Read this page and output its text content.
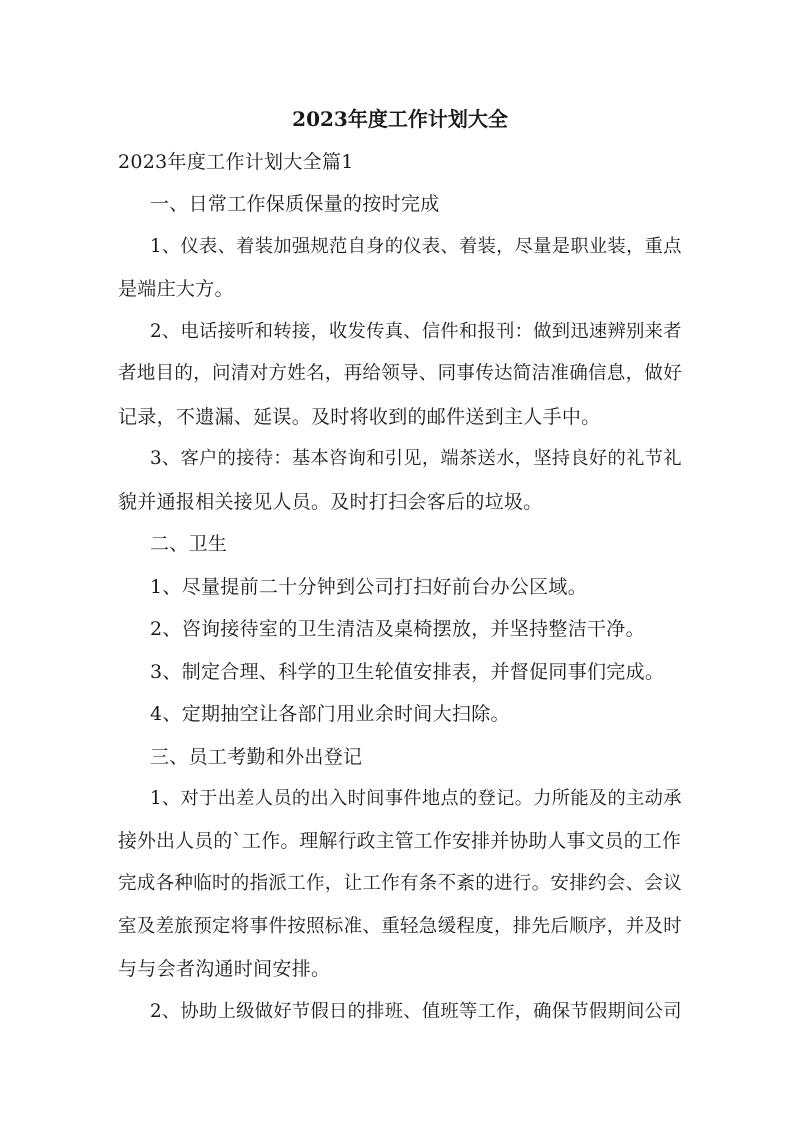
2023年度工作计划大全
2023年度工作计划大全篇1
一、日常工作保质保量的按时完成
1、仪表、着装加强规范自身的仪表、着装，尽量是职业装，重点
是端庄大方。
2、电话接听和转接，收发传真、信件和报刊：做到迅速辨别来者
者地目的，问清对方姓名，再给领导、同事传达简洁准确信息，做好
记录，不遗漏、延误。及时将收到的邮件送到主人手中。
3、客户的接待：基本咨询和引见，端茶送水，坚持良好的礼节礼
貌并通报相关接见人员。及时打扫会客后的垃圾。
二、卫生
1、尽量提前二十分钟到公司打扫好前台办公区域。
2、咨询接待室的卫生清洁及桌椅摆放，并坚持整洁干净。
3、制定合理、科学的卫生轮值安排表，并督促同事们完成。
4、定期抽空让各部门用业余时间大扫除。
三、员工考勤和外出登记
1、对于出差人员的出入时间事件地点的登记。力所能及的主动承
接外出人员的`工作。理解行政主管工作安排并协助人事文员的工作
完成各种临时的指派工作，让工作有条不紊的进行。安排约会、会议
室及差旅预定将事件按照标准、重轻急缓程度，排先后顺序，并及时
与与会者沟通时间安排。
2、协助上级做好节假日的排班、值班等工作，确保节假期间公司
